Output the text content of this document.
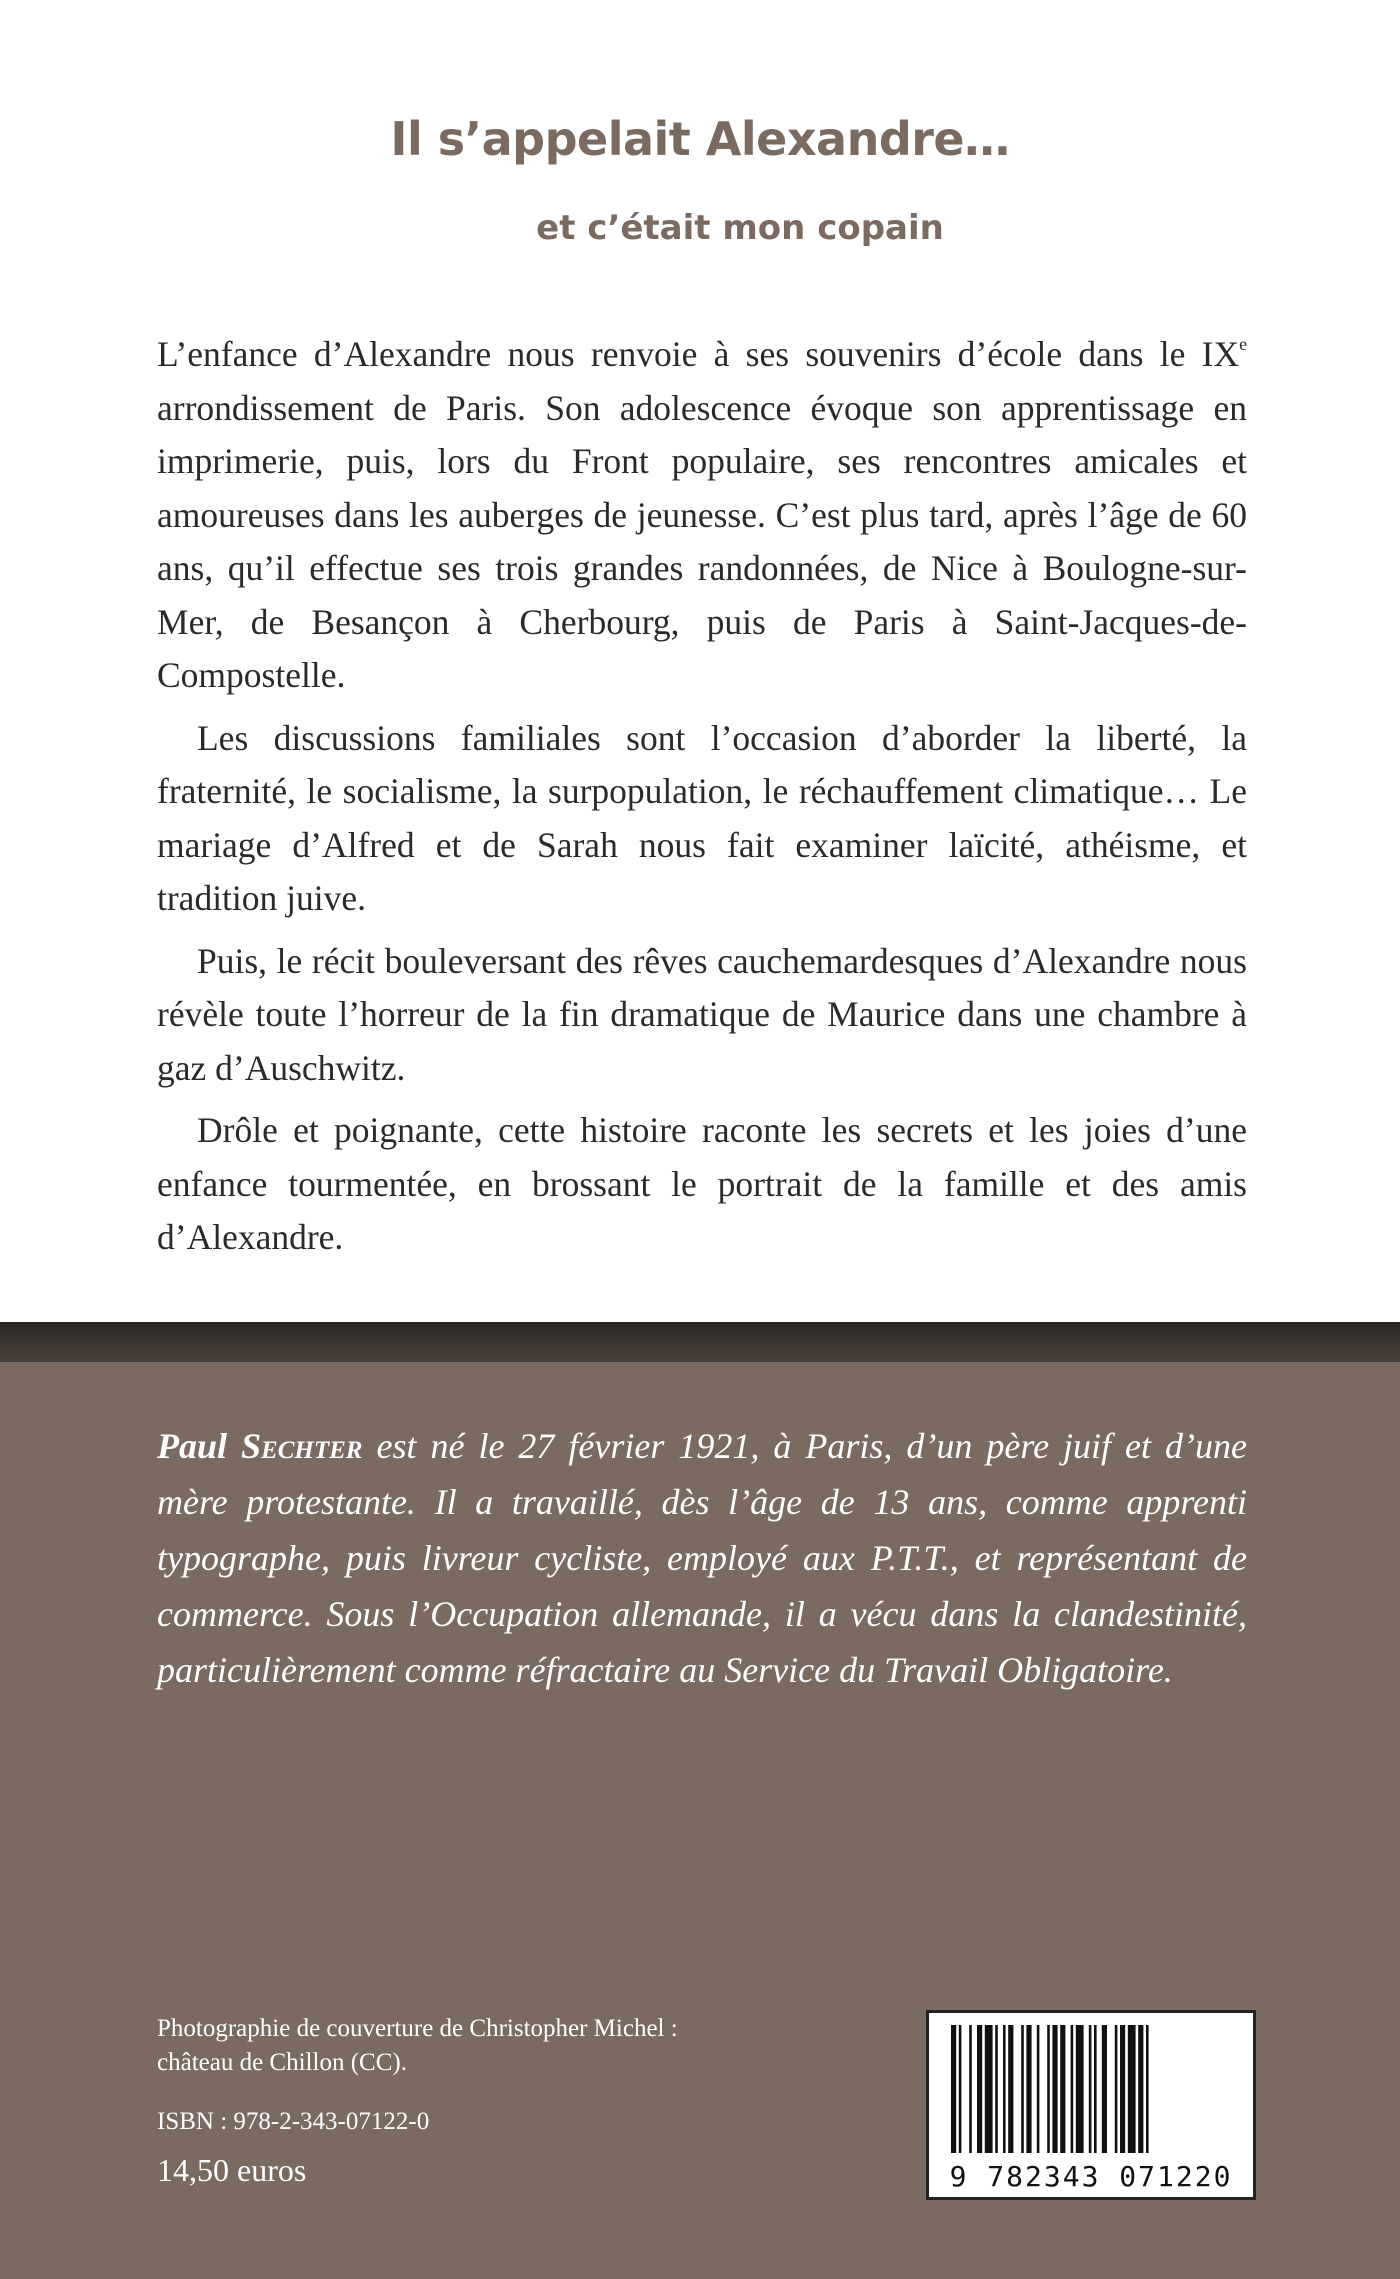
Il s’appelait Alexandre…
et c’était mon copain

L’enfance d’Alexandre nous renvoie à ses souvenirs d’école dans le IXe arrondissement de Paris. Son adolescence évoque son apprentissage en imprimerie, puis, lors du Front populaire, ses rencontres amicales et amoureuses dans les auberges de jeunesse. C’est plus tard, après l’âge de 60 ans, qu’il effectue ses trois grandes randonnées, de Nice à Boulogne-sur-Mer, de Besançon à Cherbourg, puis de Paris à Saint-Jacques-de-Compostelle.

Les discussions familiales sont l’occasion d’aborder la liberté, la fraternité, le socialisme, la surpopulation, le réchauffement climatique… Le mariage d’Alfred et de Sarah nous fait examiner laïcité, athéisme, et tradition juive.

Puis, le récit bouleversant des rêves cauchemardesques d’Alexandre nous révèle toute l’horreur de la fin dramatique de Maurice dans une chambre à gaz d’Auschwitz.

Drôle et poignante, cette histoire raconte les secrets et les joies d’une enfance tourmentée, en brossant le portrait de la famille et des amis d’Alexandre.

Paul Sechter est né le 27 février 1921, à Paris, d’un père juif et d’une mère protestante. Il a travaillé, dès l’âge de 13 ans, comme apprenti typographe, puis livreur cycliste, employé aux P.T.T., et représentant de commerce. Sous l’Occupation allemande, il a vécu dans la clandestinité, particulièrement comme réfractaire au Service du Travail Obligatoire.
Photographie de couverture de Christopher Michel :
château de Chillon (CC).
ISBN : 978-2-343-07122-0
14,50 euros	9 782343 071220
